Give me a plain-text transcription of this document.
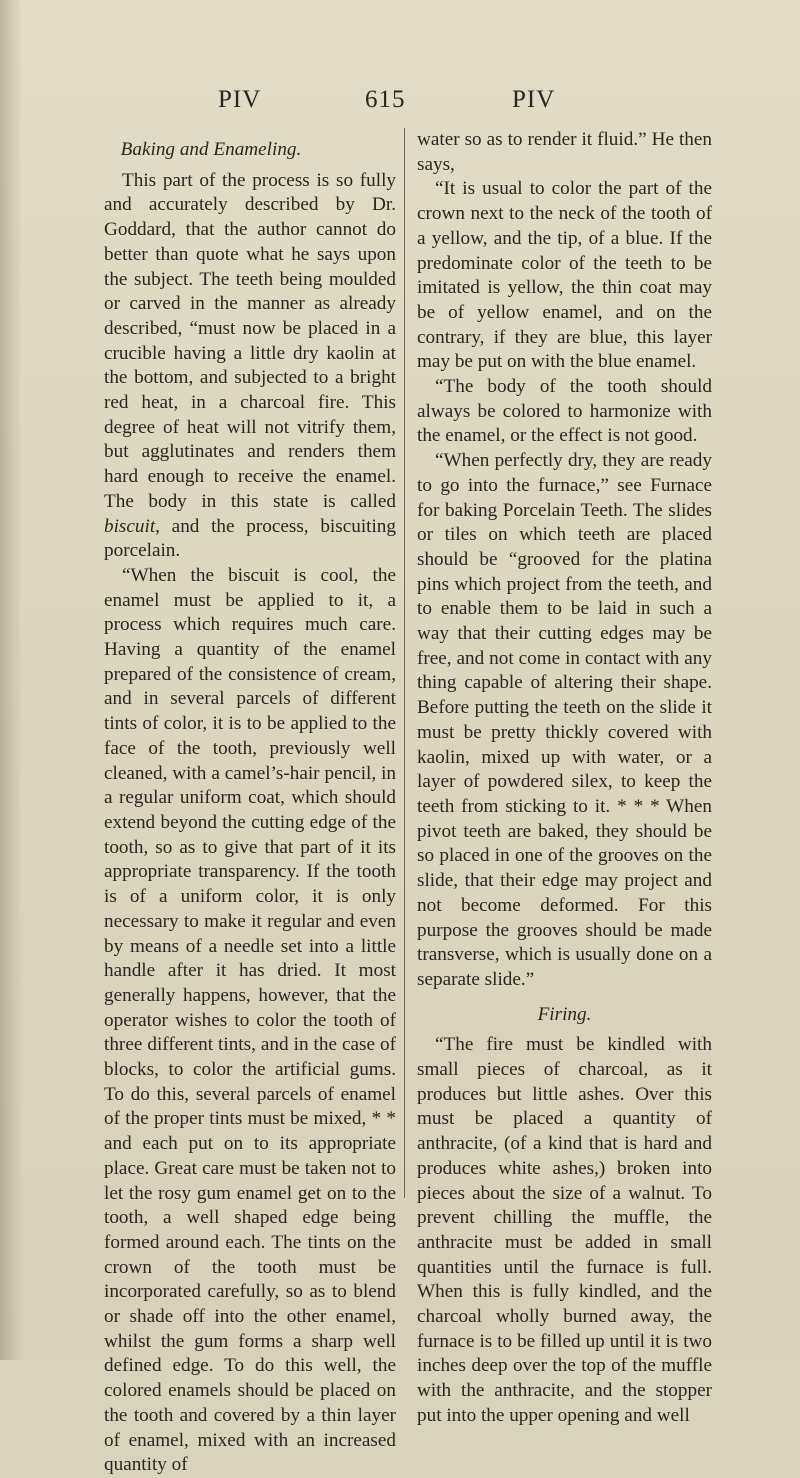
PIV	615	PIV

Baking and Enameling.

This part of the process is so fully and accurately described by Dr. Goddard, that the author cannot do better than quote what he says upon the subject. The teeth being moulded or carved in the manner as already described, “must now be placed in a crucible having a little dry kaolin at the bottom, and subjected to a bright red heat, in a charcoal fire. This degree of heat will not vitrify them, but agglutinates and renders them hard enough to receive the enamel. The body in this state is called biscuit, and the process, biscuiting porcelain.

“When the biscuit is cool, the enamel must be applied to it, a process which requires much care. Having a quantity of the enamel prepared of the consistence of cream, and in several parcels of different tints of color, it is to be applied to the face of the tooth, previously well cleaned, with a camel’s-hair pencil, in a regular uniform coat, which should extend beyond the cutting edge of the tooth, so as to give that part of it its appropriate transparency. If the tooth is of a uniform color, it is only necessary to make it regular and even by means of a needle set into a little handle after it has dried. It most generally happens, however, that the operator wishes to color the tooth of three different tints, and in the case of blocks, to color the artificial gums. To do this, several parcels of enamel of the proper tints must be mixed, * * and each put on to its appropriate place. Great care must be taken not to let the rosy gum enamel get on to the tooth, a well shaped edge being formed around each. The tints on the crown of the tooth must be incorporated carefully, so as to blend or shade off into the other enamel, whilst the gum forms a sharp well defined edge. To do this well, the colored enamels should be placed on the tooth and covered by a thin layer of enamel, mixed with an increased quantity of

water so as to render it fluid.” He then says,

“It is usual to color the part of the crown next to the neck of the tooth of a yellow, and the tip, of a blue. If the predominate color of the teeth to be imitated is yellow, the thin coat may be of yellow enamel, and on the contrary, if they are blue, this layer may be put on with the blue enamel.

“The body of the tooth should always be colored to harmonize with the enamel, or the effect is not good.

“When perfectly dry, they are ready to go into the furnace,” see Furnace for baking Porcelain Teeth. The slides or tiles on which teeth are placed should be “grooved for the platina pins which project from the teeth, and to enable them to be laid in such a way that their cutting edges may be free, and not come in contact with any thing capable of altering their shape. Before putting the teeth on the slide it must be pretty thickly covered with kaolin, mixed up with water, or a layer of powdered silex, to keep the teeth from sticking to it. * * * When pivot teeth are baked, they should be so placed in one of the grooves on the slide, that their edge may project and not become deformed. For this purpose the grooves should be made transverse, which is usually done on a separate slide.”

Firing.

“The fire must be kindled with small pieces of charcoal, as it produces but little ashes. Over this must be placed a quantity of anthracite, (of a kind that is hard and produces white ashes,) broken into pieces about the size of a walnut. To prevent chilling the muffle, the anthracite must be added in small quantities until the furnace is full. When this is fully kindled, and the charcoal wholly burned away, the furnace is to be filled up until it is two inches deep over the top of the muffle with the anthracite, and the stopper put into the upper opening and well
